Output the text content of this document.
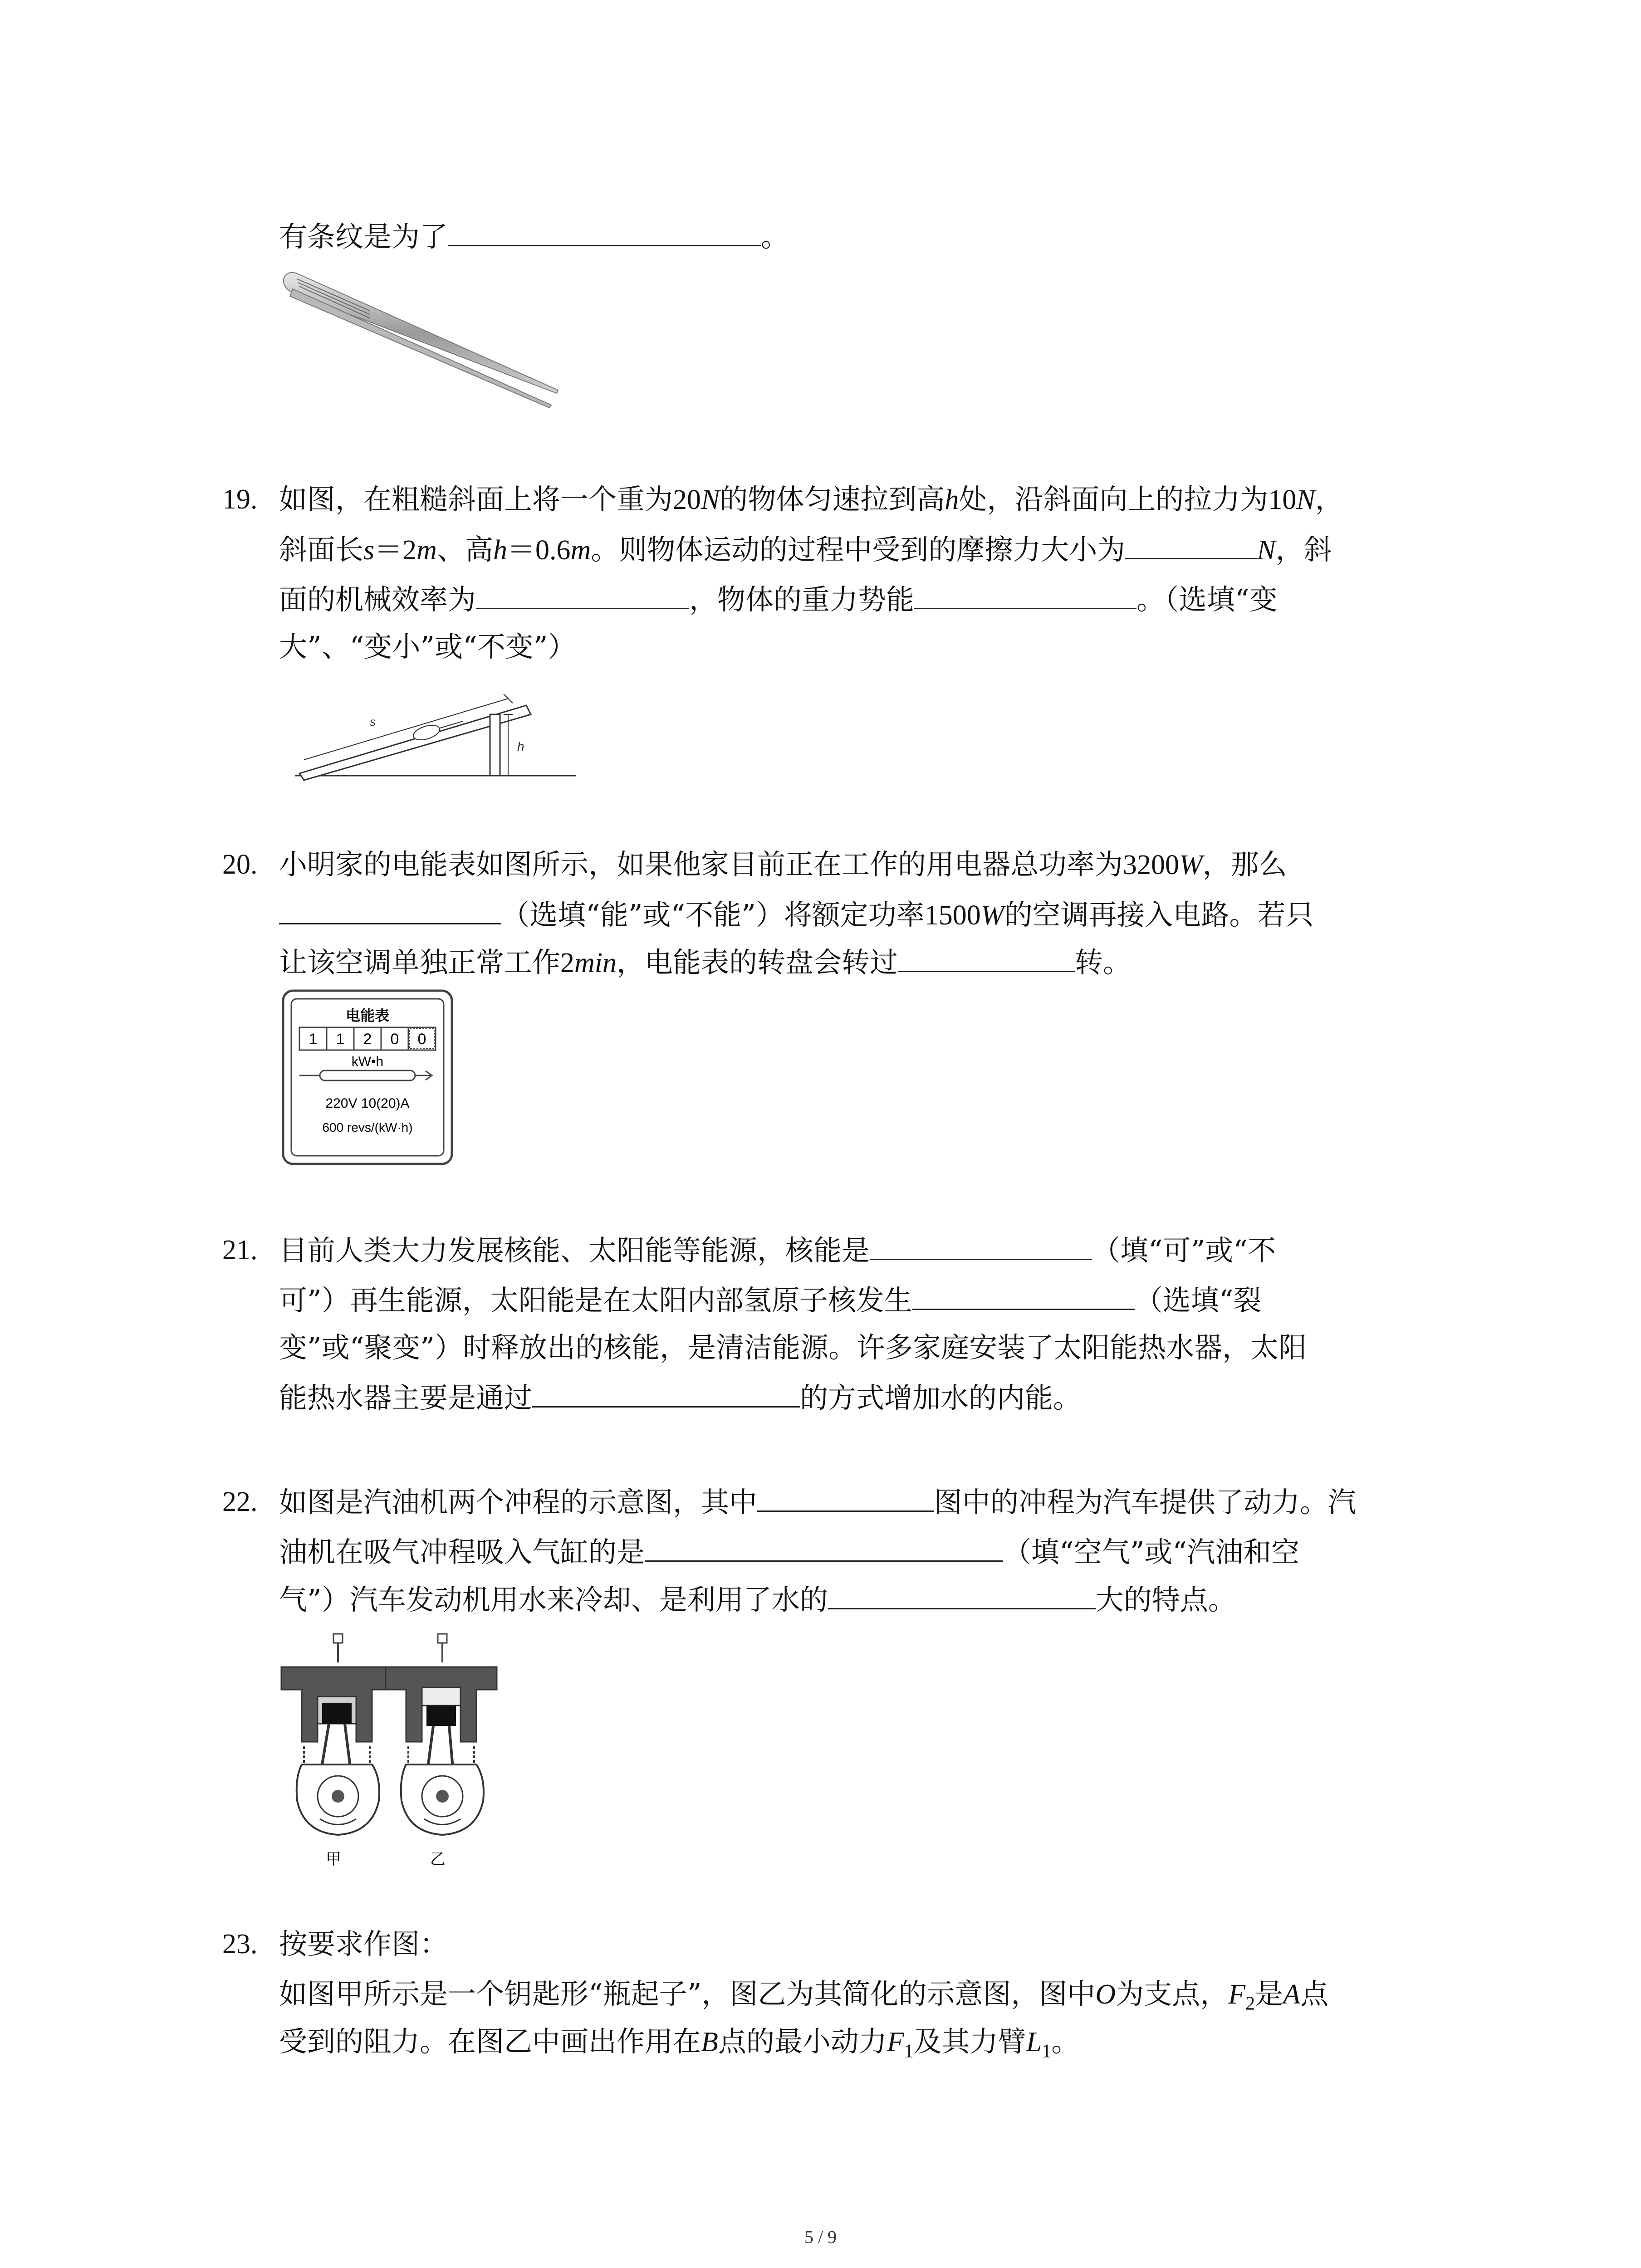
有条纹是为了	。
19. 如图，在粗糙斜面上将一个重为20N的物体匀速拉到高h处，沿斜面向上的拉力为10N，
斜面长s＝2m、高h＝0.6m。则物体运动的过程中受到的摩擦力大小为	N，斜
面的机械效率为	，物体的重力势能	。（选填“变
大”、“变小”或“不变”）
h
s
20. 小明家的电能表如图所示，如果他家目前正在工作的用电器总功率为3200W，那么
（选填“能”或“不能”）将额定功率1500W的空调再接入电路。若只
让该空调单独正常工作2min，电能表的转盘会转过	转。
电能表
1 1 2 0 0
kW•h
220V 10(20)A
600 revs/(kW·h)
21. 目前人类大力发展核能、太阳能等能源，核能是	（填“可”或“不
可”）再生能源，太阳能是在太阳内部氢原子核发生	（选填“裂
变”或“聚变”）时释放出的核能，是清洁能源。许多家庭安装了太阳能热水器，太阳
能热水器主要是通过	的方式增加水的内能。
22. 如图是汽油机两个冲程的示意图，其中	图中的冲程为汽车提供了动力。汽
油机在吸气冲程吸入气缸的是	（填“空气”或“汽油和空
气”）汽车发动机用水来冷却、是利用了水的	大的特点。
甲	乙
23. 按要求作图：
如图甲所示是一个钥匙形“瓶起子”，图乙为其简化的示意图，图中O为支点，$F_2$是A点
受到的阻力。在图乙中画出作用在B点的最小动力$F_1$及其力臂$L_1$。
5 / 9
